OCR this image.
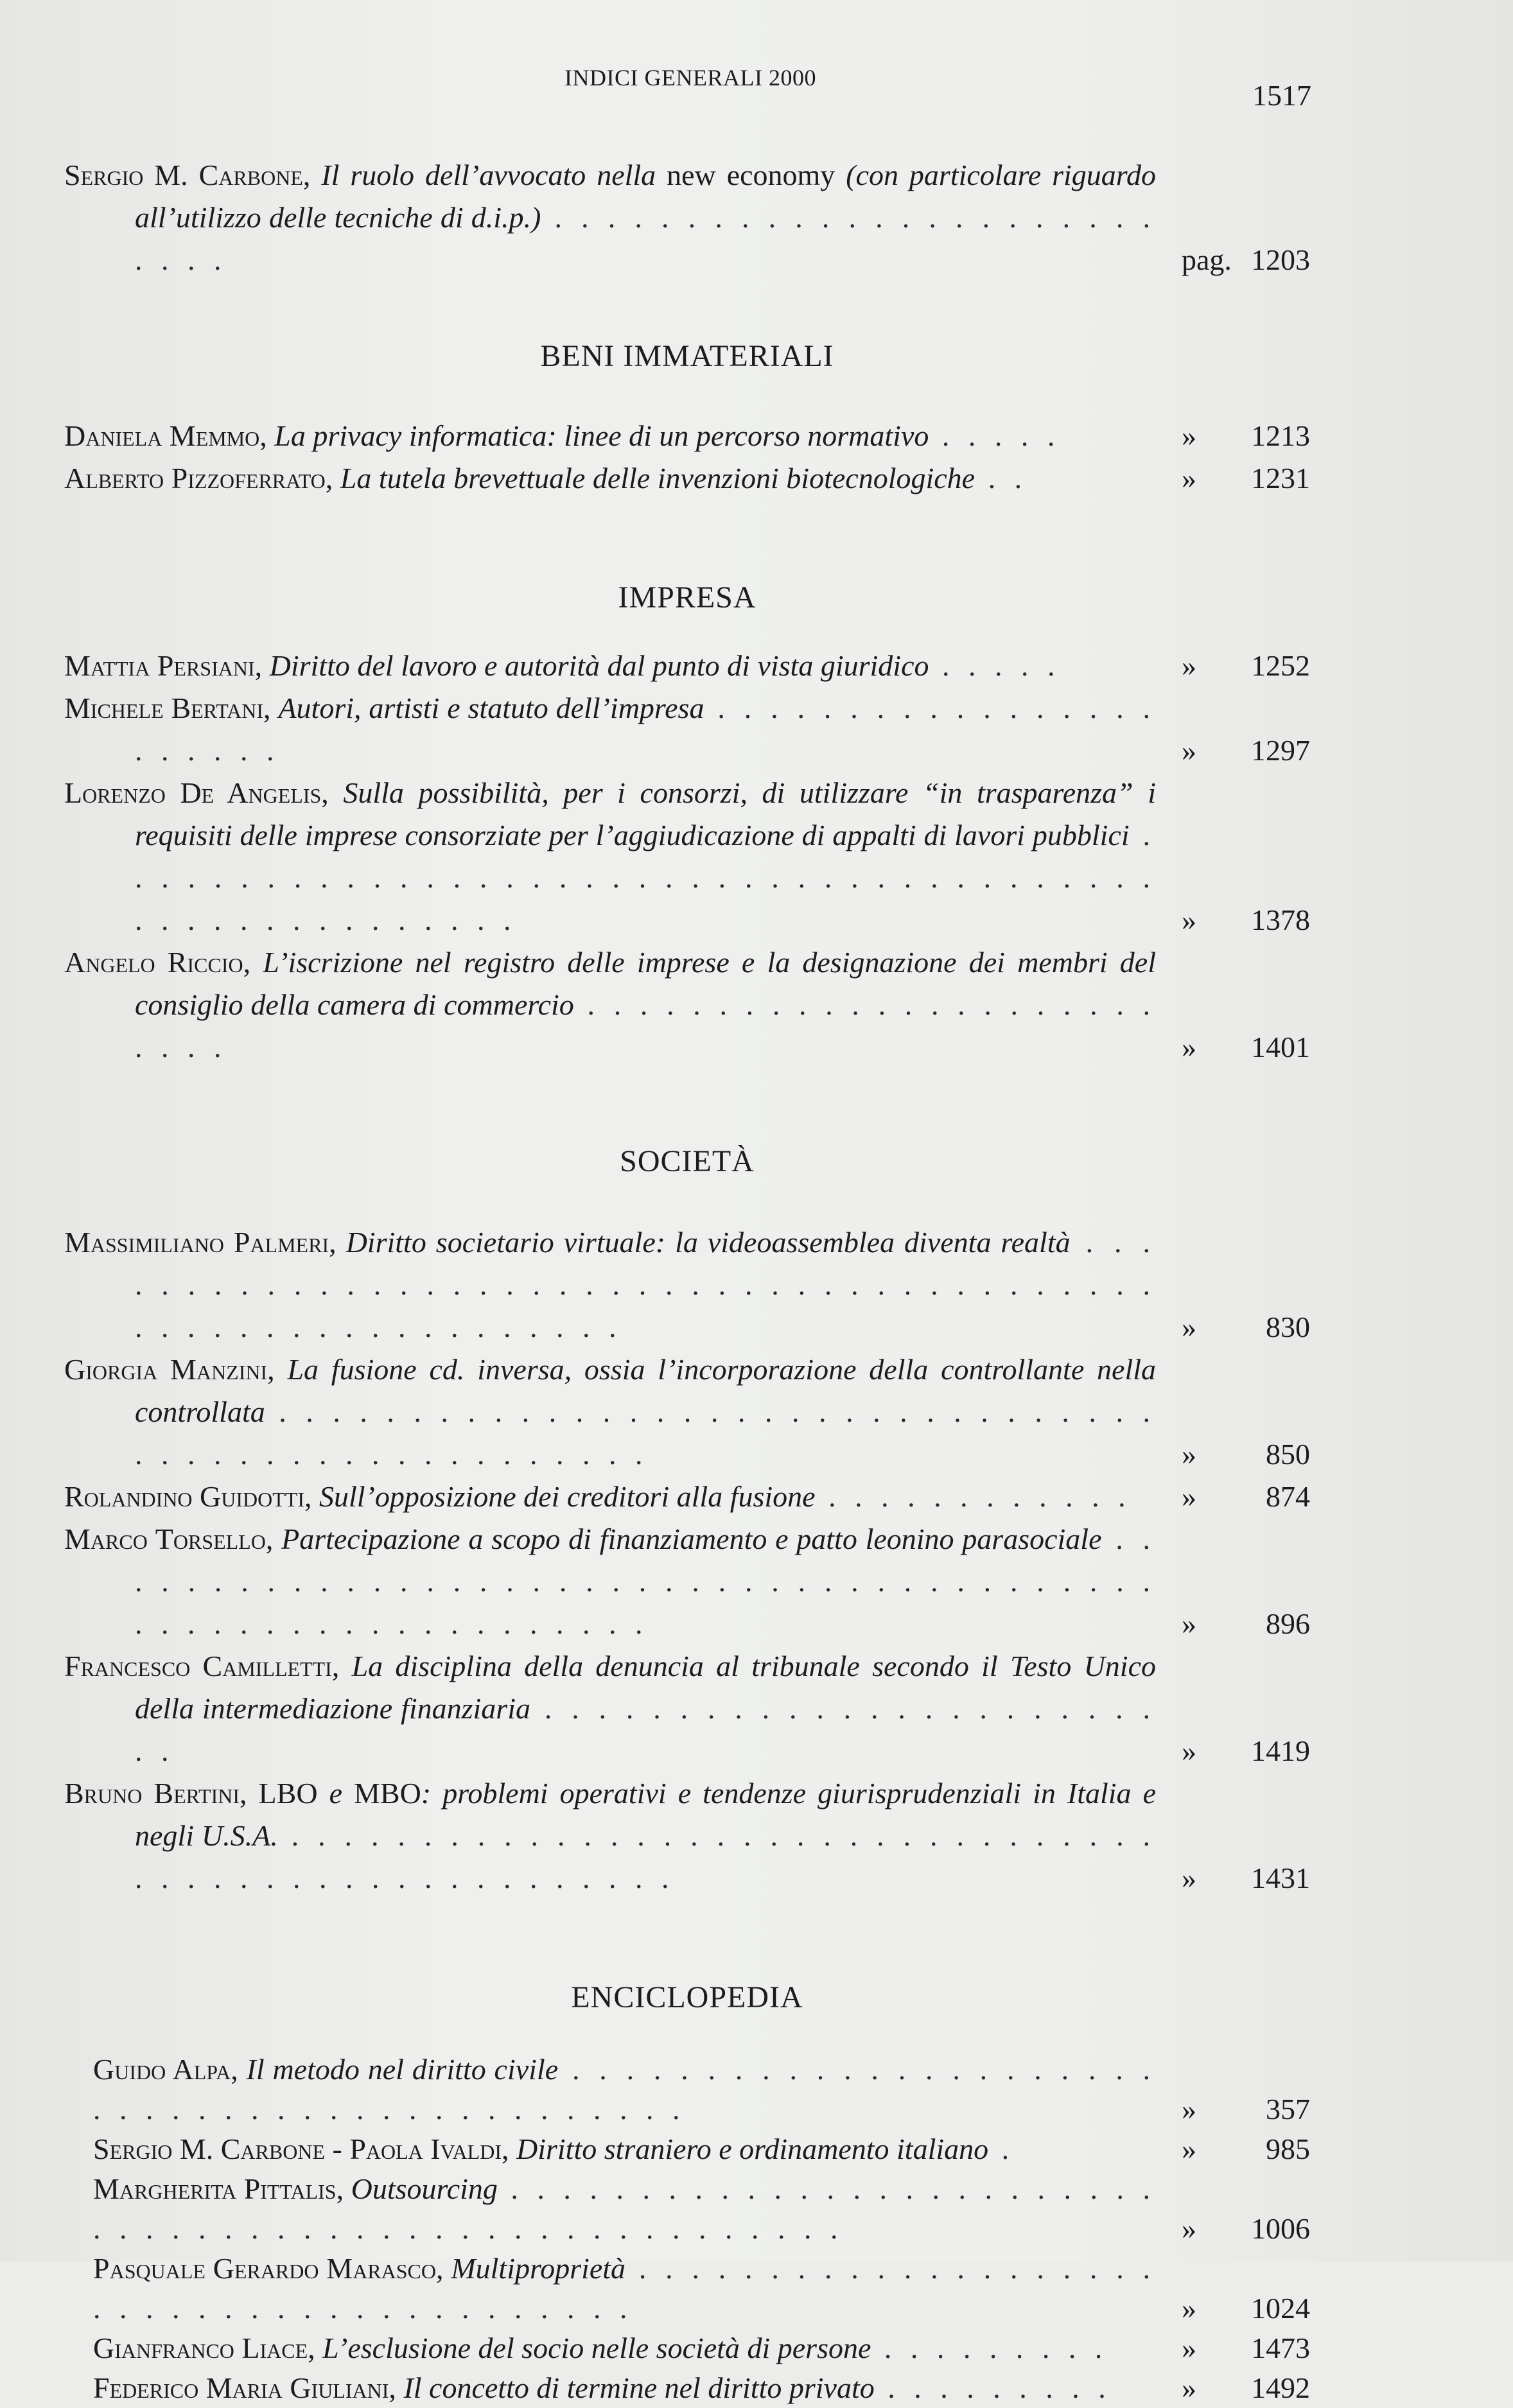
INDICI GENERALI 2000
1517
Sergio M. Carbone, Il ruolo dell’avvocato nella new economy (con particolare riguardo all’utilizzo delle tecniche di d.i.p.) . . . . . . . . . . . . . . . . . . . . . . . . . . .	pag. 1203
BENI IMMATERIALI
Daniela Memmo, La privacy informatica: linee di un percorso normativo . . . . .	»	1213
Alberto Pizzoferrato, La tutela brevettuale delle invenzioni biotecnologiche . .	»	1231
IMPRESA
Mattia Persiani, Diritto del lavoro e autorità dal punto di vista giuridico . . . . .	»	1252
Michele Bertani, Autori, artisti e statuto dell’impresa . . . . . . . . . . . . . . . . . . . . . . .	»	1297
Lorenzo De Angelis, Sulla possibilità, per i consorzi, di utilizzare “in trasparenza” i requisiti delle imprese consorziate per l’aggiudicazione di appalti di lavori pubblici . . . . . . . . . . . . . . . . . . . . . . . . . . . . . . . . . . . . . . . . . . . . . . . . . . . . . . .	»	1378
Angelo Riccio, L’iscrizione nel registro delle imprese e la designazione dei membri del consiglio della camera di commercio . . . . . . . . . . . . . . . . . . . . . . . . . .	»	1401
SOCIETÀ
Massimiliano Palmeri, Diritto societario virtuale: la videoassemblea diventa realtà . . . . . . . . . . . . . . . . . . . . . . . . . . . . . . . . . . . . . . . . . . . . . . . . . . . . . . . . . . . . .	»	830
Giorgia Manzini, La fusione cd. inversa, ossia l’incorporazione della controllante nella controllata . . . . . . . . . . . . . . . . . . . . . . . . . . . . . . . . . . . . . . . . . . . . . . . . . . . . .	»	850
Rolandino Guidotti, Sull’opposizione dei creditori alla fusione . . . . . . . . . . . .	»	874
Marco Torsello, Partecipazione a scopo di finanziamento e patto leonino parasociale . . . . . . . . . . . . . . . . . . . . . . . . . . . . . . . . . . . . . . . . . . . . . . . . . . . . . . . . . . . . .	»	896
Francesco Camilletti, La disciplina della denuncia al tribunale secondo il Testo Unico della intermediazione finanziaria . . . . . . . . . . . . . . . . . . . . . . . . .	»	1419
Bruno Bertini, LBO e MBO: problemi operativi e tendenze giurisprudenziali in Italia e negli U.S.A. . . . . . . . . . . . . . . . . . . . . . . . . . . . . . . . . . . . . . . . . . . . . . . . . . . . . . .	»	1431
ENCICLOPEDIA
Guido Alpa, Il metodo nel diritto civile . . . . . . . . . . . . . . . . . . . . . . . . . . . . . . . . . . . . . . . . . . . . .	»	357
Sergio M. Carbone - Paola Ivaldi, Diritto straniero e ordinamento italiano .	»	985
Margherita Pittalis, Outsourcing . . . . . . . . . . . . . . . . . . . . . . . . . . . . . . . . . . . . . . . . . . . . . . . . . . . . . .	»	1006
Pasquale Gerardo Marasco, Multiproprietà . . . . . . . . . . . . . . . . . . . . . . . . . . . . . . . . . . . . . . . . .	»	1024
Gianfranco Liace, L’esclusione del socio nelle società di persone . . . . . . . . .	»	1473
Federico Maria Giuliani, Il concetto di termine nel diritto privato . . . . . . . . .	»	1492
